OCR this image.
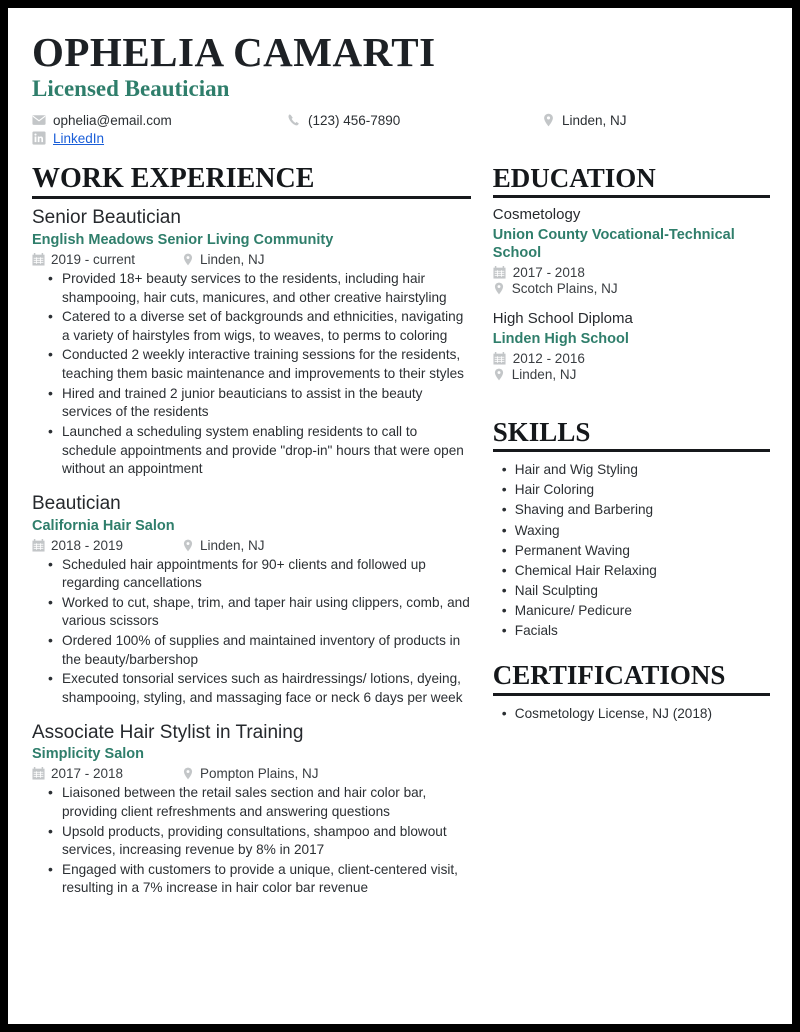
OPHELIA CAMARTI
Licensed Beautician
ophelia@email.com	(123) 456-7890	Linden, NJ
LinkedIn
WORK EXPERIENCE
Senior Beautician
English Meadows Senior Living Community
2019 - current	Linden, NJ
• Provided 18+ beauty services to the residents, including hair shampooing, hair cuts, manicures, and other creative hairstyling
• Catered to a diverse set of backgrounds and ethnicities, navigating a variety of hairstyles from wigs, to weaves, to perms to coloring
• Conducted 2 weekly interactive training sessions for the residents, teaching them basic maintenance and improvements to their styles
• Hired and trained 2 junior beauticians to assist in the beauty services of the residents
• Launched a scheduling system enabling residents to call to schedule appointments and provide "drop-in" hours that were open without an appointment
Beautician
California Hair Salon
2018 - 2019	Linden, NJ
• Scheduled hair appointments for 90+ clients and followed up regarding cancellations
• Worked to cut, shape, trim, and taper hair using clippers, comb, and various scissors
• Ordered 100% of supplies and maintained inventory of products in the beauty/barbershop
• Executed tonsorial services such as hairdressings/ lotions, dyeing, shampooing, styling, and massaging face or neck 6 days per week
Associate Hair Stylist in Training
Simplicity Salon
2017 - 2018	Pompton Plains, NJ
• Liaisoned between the retail sales section and hair color bar, providing client refreshments and answering questions
• Upsold products, providing consultations, shampoo and blowout services, increasing revenue by 8% in 2017
• Engaged with customers to provide a unique, client-centered visit, resulting in a 7% increase in hair color bar revenue
EDUCATION
Cosmetology
Union County Vocational-Technical School
2017 - 2018
Scotch Plains, NJ
High School Diploma
Linden High School
2012 - 2016
Linden, NJ
SKILLS
• Hair and Wig Styling
• Hair Coloring
• Shaving and Barbering
• Waxing
• Permanent Waving
• Chemical Hair Relaxing
• Nail Sculpting
• Manicure/ Pedicure
• Facials
CERTIFICATIONS
• Cosmetology License, NJ (2018)
